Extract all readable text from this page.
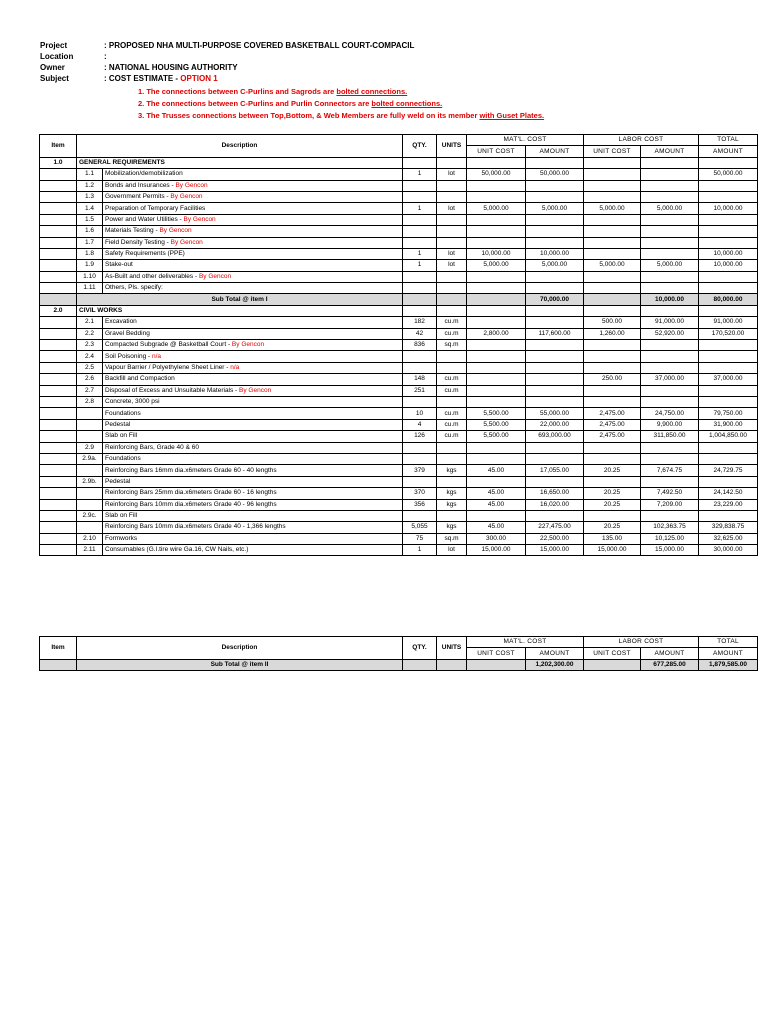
Project	: PROPOSED NHA MULTI-PURPOSE COVERED BASKETBALL COURT-COMPACIL
Location	:
Owner	: NATIONAL HOUSING AUTHORITY
Subject	: COST ESTIMATE - OPTION 1
1. The connections between C-Purlins and Sagrods are bolted connections.
2. The connections between C-Purlins and Purlin Connectors are bolted connections.
3. The Trusses connections between Top,Bottom, & Web Members are fully weld on its member with Guset Plates.
Item	Description		QTY.	UNITS	MAT'L. COST		LABOR COST		TOTAL
					UNIT COST	AMOUNT	UNIT COST	AMOUNT	AMOUNT
1.0	GENERAL REQUIREMENTS								
	1.1	Mobilization/demobilization	1	lot	50,000.00	50,000.00			50,000.00
	1.2	Bonds and Insurances - By Gencon							
	1.3	Government Permits - By Gencon							
	1.4	Preparation of Temporary Facilities	1	lot	5,000.00	5,000.00	5,000.00	5,000.00	10,000.00
	1.5	Power and Water Utilities - By Gencon							
	1.6	Materials Testing - By Gencon							
	1.7	Field Density Testing - By Gencon							
	1.8	Safety Requirements (PPE)	1	lot	10,000.00	10,000.00			10,000.00
	1.9	Stake-out	1	lot	5,000.00	5,000.00	5,000.00	5,000.00	10,000.00
	1.10	As-Built and other deliverables - By Gencon							
	1.11	Others, Pls. specify:							
	Sub Total @ item I					70,000.00		10,000.00	80,000.00
2.0	CIVIL WORKS								
	2.1	Excavation	182	cu.m			500.00	91,000.00	91,000.00
	2.2	Gravel Bedding	42	cu.m	2,800.00	117,600.00	1,260.00	52,920.00	170,520.00
	2.3	Compacted Subgrade @ Basketball Court - By Gencon	836	sq.m					
	2.4	Soil Poisoning - n/a							
	2.5	Vapour Barrier / Polyethylene Sheet Liner - n/a							
	2.6	Backfill and Compaction	148	cu.m			250.00	37,000.00	37,000.00
	2.7	Disposal of Excess and Unsuitable Materials - By Gencon	251	cu.m					
	2.8	Concrete, 3000 psi							
		Foundations	10	cu.m	5,500.00	55,000.00	2,475.00	24,750.00	79,750.00
		Pedestal	4	cu.m	5,500.00	22,000.00	2,475.00	9,900.00	31,900.00
		Slab on Fill	126	cu.m	5,500.00	693,000.00	2,475.00	311,850.00	1,004,850.00
	2.9	Reinforcing Bars, Grade 40 & 60							
	2.9a.	Foundations							
		Reinforcing Bars 16mm dia.x6meters Grade 60 - 40 lengths	379	kgs	45.00	17,055.00	20.25	7,674.75	24,729.75
	2.9b.	Pedestal							
		Reinforcing Bars 25mm dia.x6meters Grade 60 - 16 lengths	370	kgs	45.00	16,650.00	20.25	7,492.50	24,142.50
		Reinforcing Bars 10mm dia.x6meters Grade 40 - 96 lengths	356	kgs	45.00	16,020.00	20.25	7,209.00	23,229.00
	2.9c.	Slab on Fill							
		Reinforcing Bars 10mm dia.x6meters Grade 40 - 1,366 lengths	5,055	kgs	45.00	227,475.00	20.25	102,363.75	329,838.75
	2.10	Formworks	75	sq.m	300.00	22,500.00	135.00	10,125.00	32,625.00
	2.11	Consumables (G.I.tire wire Ga.16, CW Nails, etc.)	1	lot	15,000.00	15,000.00	15,000.00	15,000.00	30,000.00
Item	Description	QTY.	UNITS	MAT'L. COST		LABOR COST		TOTAL
				UNIT COST	AMOUNT	UNIT COST	AMOUNT	AMOUNT
	Sub Total @ item II				1,202,300.00		677,285.00	1,879,585.00
